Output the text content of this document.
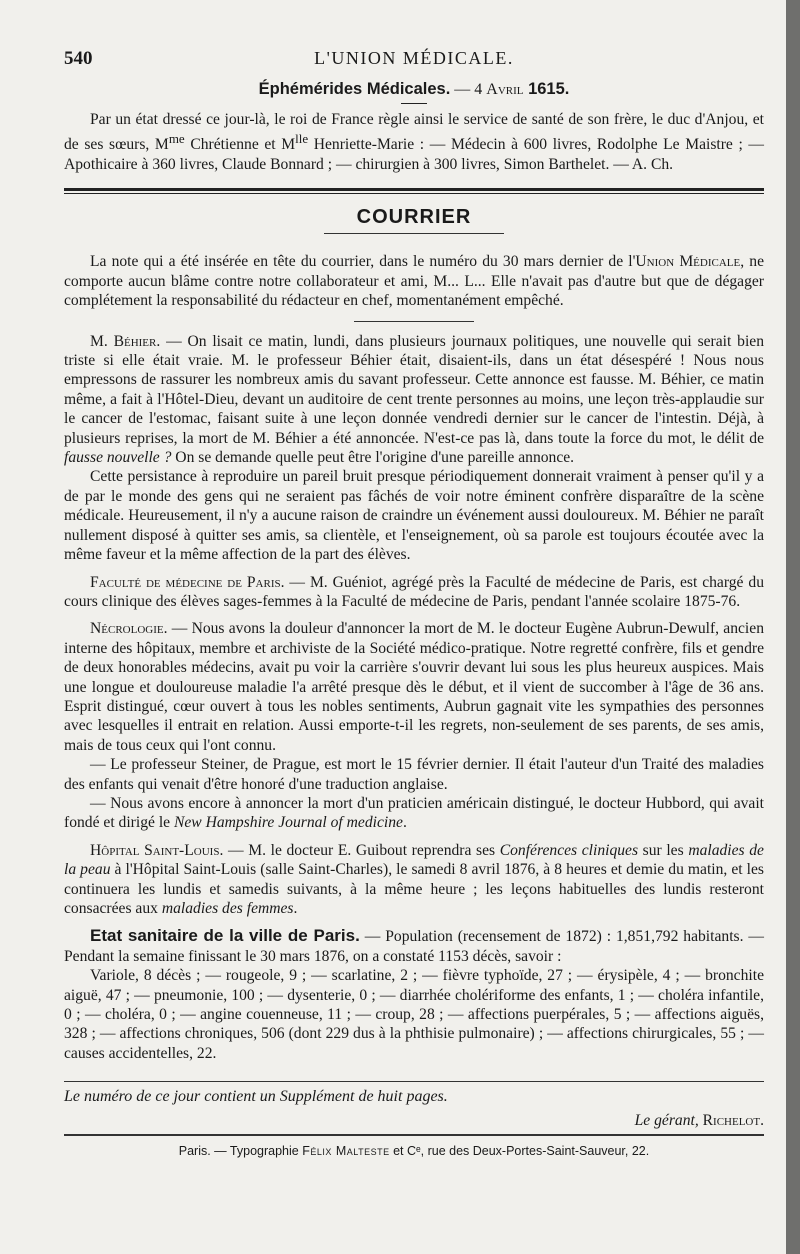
540	L'UNION MÉDICALE.
Éphémérides Médicales. — 4 Avril 1615.

Par un état dressé ce jour-là, le roi de France règle ainsi le service de santé de son frère, le duc d'Anjou, et de ses sœurs, $M^{me}$ Chrétienne et $M^{lle}$ Henriette-Marie : — Médecin à 600 livres, Rodolphe Le Maistre ; — Apothicaire à 360 livres, Claude Bonnard ; — chirurgien à 300 livres, Simon Barthelet. — A. Ch.

COURRIER

La note qui a été insérée en tête du courrier, dans le numéro du 30 mars dernier de l'Union Médicale, ne comporte aucun blâme contre notre collaborateur et ami, M... L... Elle n'avait pas d'autre but que de dégager complétement la responsabilité du rédacteur en chef, momentanément empêché.

M. Béhier. — On lisait ce matin, lundi, dans plusieurs journaux politiques, une nouvelle qui serait bien triste si elle était vraie. M. le professeur Béhier était, disaient-ils, dans un état désespéré ! Nous nous empressons de rassurer les nombreux amis du savant professeur. Cette annonce est fausse. M. Béhier, ce matin même, a fait à l'Hôtel-Dieu, devant un auditoire de cent trente personnes au moins, une leçon très-applaudie sur le cancer de l'estomac, faisant suite à une leçon donnée vendredi dernier sur le cancer de l'intestin. Déjà, à plusieurs reprises, la mort de M. Béhier a été annoncée. N'est-ce pas là, dans toute la force du mot, le délit de fausse nouvelle ? On se demande quelle peut être l'origine d'une pareille annonce.

Cette persistance à reproduire un pareil bruit presque périodiquement donnerait vraiment à penser qu'il y a de par le monde des gens qui ne seraient pas fâchés de voir notre éminent confrère disparaître de la scène médicale. Heureusement, il n'y a aucune raison de craindre un événement aussi douloureux. M. Béhier ne paraît nullement disposé à quitter ses amis, sa clientèle, et l'enseignement, où sa parole est toujours écoutée avec la même faveur et la même affection de la part des élèves.

Faculté de médecine de Paris. — M. Guéniot, agrégé près la Faculté de médecine de Paris, est chargé du cours clinique des élèves sages-femmes à la Faculté de médecine de Paris, pendant l'année scolaire 1875-76.

Nécrologie. — Nous avons la douleur d'annoncer la mort de M. le docteur Eugène Aubrun-Dewulf, ancien interne des hôpitaux, membre et archiviste de la Société médico-pratique. Notre regretté confrère, fils et gendre de deux honorables médecins, avait pu voir la carrière s'ouvrir devant lui sous les plus heureux auspices. Mais une longue et douloureuse maladie l'a arrêté presque dès le début, et il vient de succomber à l'âge de 36 ans. Esprit distingué, cœur ouvert à tous les nobles sentiments, Aubrun gagnait vite les sympathies des personnes avec lesquelles il entrait en relation. Aussi emporte-t-il les regrets, non-seulement de ses parents, de ses amis, mais de tous ceux qui l'ont connu.

— Le professeur Steiner, de Prague, est mort le 15 février dernier. Il était l'auteur d'un Traité des maladies des enfants qui venait d'être honoré d'une traduction anglaise.

— Nous avons encore à annoncer la mort d'un praticien américain distingué, le docteur Hubbord, qui avait fondé et dirigé le New Hampshire Journal of medicine.

Hôpital Saint-Louis. — M. le docteur E. Guibout reprendra ses Conférences cliniques sur les maladies de la peau à l'Hôpital Saint-Louis (salle Saint-Charles), le samedi 8 avril 1876, à 8 heures et demie du matin, et les continuera les lundis et samedis suivants, à la même heure ; les leçons habituelles des lundis resteront consacrées aux maladies des femmes.

Etat sanitaire de la ville de Paris. — Population (recensement de 1872) : 1,851,792 habitants. — Pendant la semaine finissant le 30 mars 1876, on a constaté 1153 décès, savoir :

Variole, 8 décès ; — rougeole, 9 ; — scarlatine, 2 ; — fièvre typhoïde, 27 ; — érysipèle, 4 ; — bronchite aiguë, 47 ; — pneumonie, 100 ; — dysenterie, 0 ; — diarrhée cholériforme des enfants, 1 ; — choléra infantile, 0 ; — choléra, 0 ; — angine couenneuse, 11 ; — croup, 28 ; — affections puerpérales, 5 ; — affections aiguës, 328 ; — affections chroniques, 506 (dont 229 dus à la phthisie pulmonaire) ; — affections chirurgicales, 55 ; — causes accidentelles, 22.

Le numéro de ce jour contient un Supplément de huit pages.
Le gérant, Richelot.
Paris. — Typographie Félix Malteste et Cᵉ, rue des Deux-Portes-Saint-Sauveur, 22.
